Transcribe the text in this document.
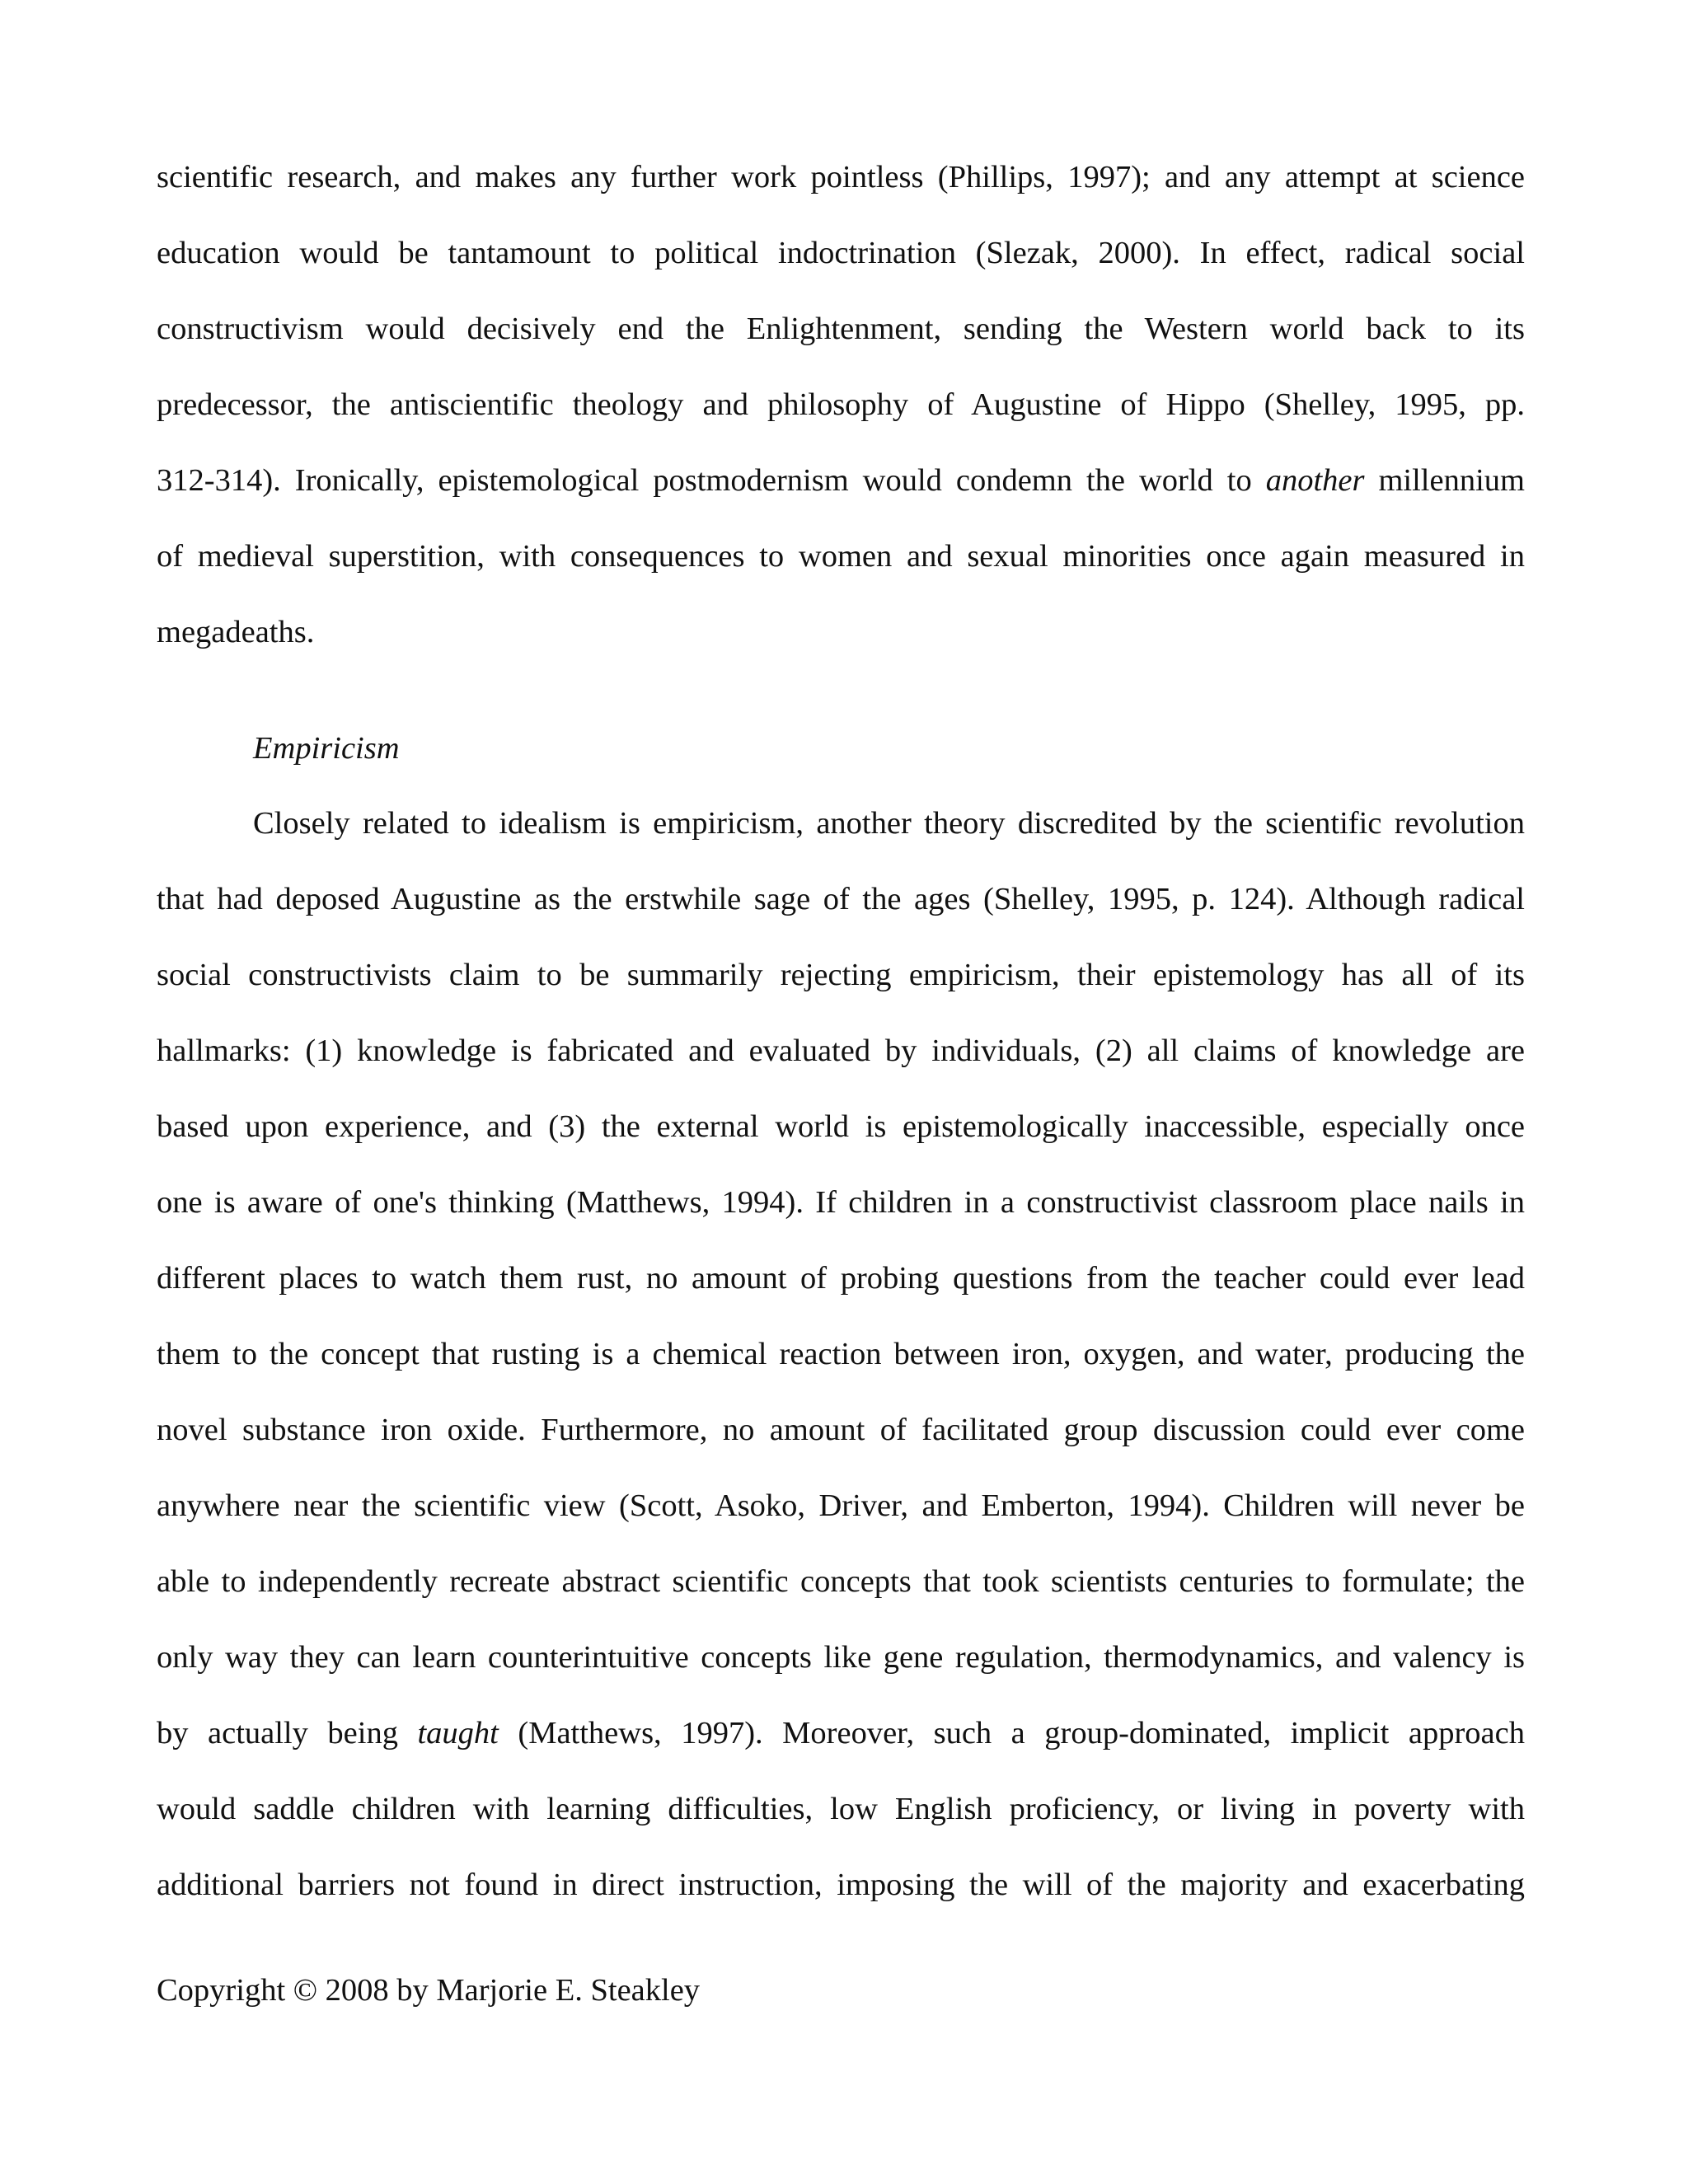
scientific research, and makes any further work pointless (Phillips, 1997); and any attempt at science
education would be tantamount to political indoctrination (Slezak, 2000). In effect, radical social
constructivism would decisively end the Enlightenment, sending the Western world back to its
predecessor, the antiscientific theology and philosophy of Augustine of Hippo (Shelley, 1995, pp.
312-314). Ironically, epistemological postmodernism would condemn the world to another millennium
of medieval superstition, with consequences to women and sexual minorities once again measured in
megadeaths.
Empiricism
Closely related to idealism is empiricism, another theory discredited by the scientific revolution
that had deposed Augustine as the erstwhile sage of the ages (Shelley, 1995, p. 124). Although radical
social constructivists claim to be summarily rejecting empiricism, their epistemology has all of its
hallmarks: (1) knowledge is fabricated and evaluated by individuals, (2) all claims of knowledge are
based upon experience, and (3) the external world is epistemologically inaccessible, especially once
one is aware of one's thinking (Matthews, 1994). If children in a constructivist classroom place nails in
different places to watch them rust, no amount of probing questions from the teacher could ever lead
them to the concept that rusting is a chemical reaction between iron, oxygen, and water, producing the
novel substance iron oxide. Furthermore, no amount of facilitated group discussion could ever come
anywhere near the scientific view (Scott, Asoko, Driver, and Emberton, 1994). Children will never be
able to independently recreate abstract scientific concepts that took scientists centuries to formulate; the
only way they can learn counterintuitive concepts like gene regulation, thermodynamics, and valency is
by actually being taught (Matthews, 1997). Moreover, such a group-dominated, implicit approach
would saddle children with learning difficulties, low English proficiency, or living in poverty with
additional barriers not found in direct instruction, imposing the will of the majority and exacerbating
Copyright © 2008 by Marjorie E. Steakley
